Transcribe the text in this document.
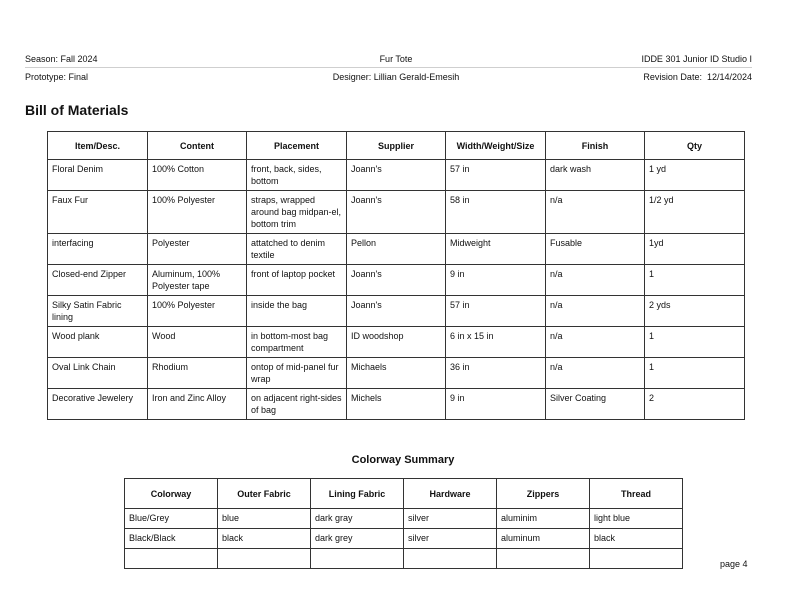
Season: Fall 2024	Fur Tote	IDDE 301 Junior ID Studio I
Prototype: Final	Designer: Lillian Gerald-Emesih	Revision Date:  12/14/2024
Bill of Materials
Item/Desc.	Content	Placement	Supplier	Width/Weight/Size	Finish	Qty
Floral Denim	100% Cotton	front, back, sides, bottom	Joann's	57 in	dark wash	1 yd
Faux Fur	100% Polyester	straps, wrapped around bag midpan-el, bottom trim	Joann's	58 in	n/a	1/2 yd
interfacing	Polyester	attatched to denim textile	Pellon	Midweight	Fusable	1yd
Closed-end Zipper	Aluminum, 100% Polyester tape	front of laptop pocket	Joann's	9 in	n/a	1
Silky Satin Fabric lining	100% Polyester	inside the bag	Joann's	57 in	n/a	2 yds
Wood plank	Wood	in bottom-most bag compartment	ID woodshop	6 in x 15 in	n/a	1
Oval Link Chain	Rhodium	ontop of mid-panel fur wrap	Michaels	36 in	n/a	1
Decorative Jewelery	Iron and Zinc Alloy	on adjacent right-sides of bag	Michels	9 in	Silver Coating	2
Colorway Summary
Colorway	Outer Fabric	Lining Fabric	Hardware	Zippers	Thread
Blue/Grey	blue	dark gray	silver	aluminim	light blue
Black/Black	black	dark grey	silver	aluminum	black

page 4
